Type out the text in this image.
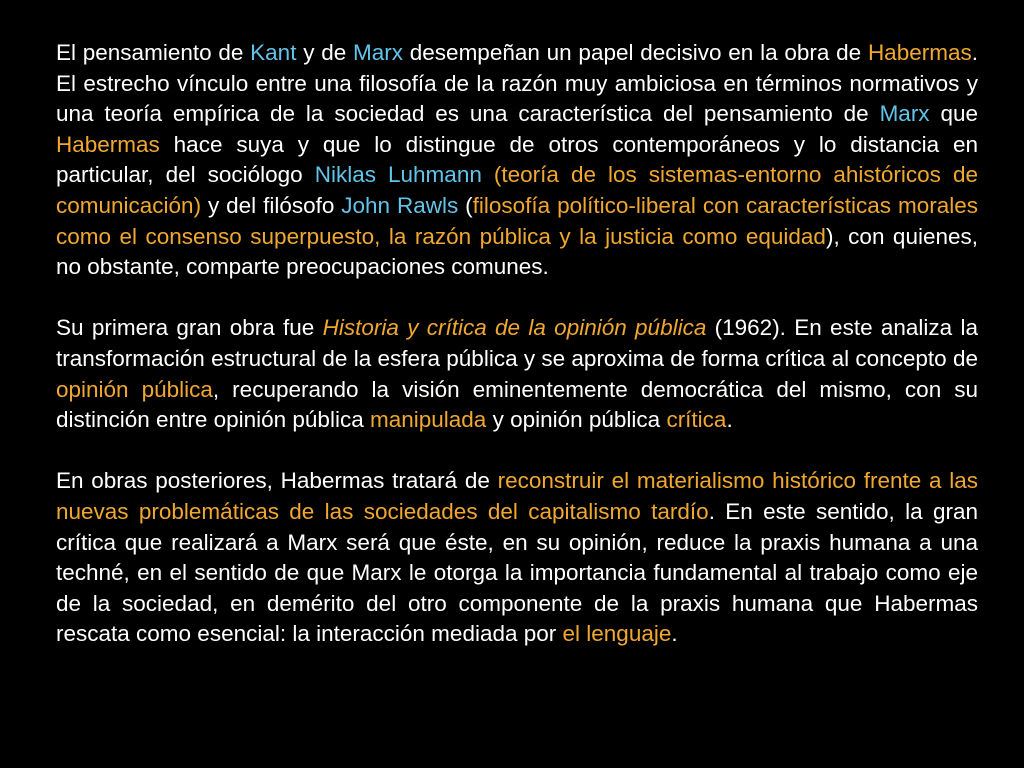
El pensamiento de Kant y de Marx desempeñan un papel decisivo en la obra de Habermas. El estrecho vínculo entre una filosofía de la razón muy ambiciosa en términos normativos y una teoría empírica de la sociedad es una característica del pensamiento de Marx que Habermas hace suya y que lo distingue de otros contemporáneos y lo distancia en particular, del sociólogo Niklas Luhmann (teoría de los sistemas-entorno ahistóricos de comunicación) y del filósofo John Rawls (filosofía político-liberal con características morales como el consenso superpuesto, la razón pública y la justicia como equidad), con quienes, no obstante, comparte preocupaciones comunes.

Su primera gran obra fue Historia y crítica de la opinión pública (1962). En este analiza la transformación estructural de la esfera pública y se aproxima de forma crítica al concepto de opinión pública, recuperando la visión eminentemente democrática del mismo, con su distinción entre opinión pública manipulada y opinión pública crítica.

En obras posteriores, Habermas tratará de reconstruir el materialismo histórico frente a las nuevas problemáticas de las sociedades del capitalismo tardío. En este sentido, la gran crítica que realizará a Marx será que éste, en su opinión, reduce la praxis humana a una techné, en el sentido de que Marx le otorga la importancia fundamental al trabajo como eje de la sociedad, en demérito del otro componente de la praxis humana que Habermas rescata como esencial: la interacción mediada por el lenguaje.
